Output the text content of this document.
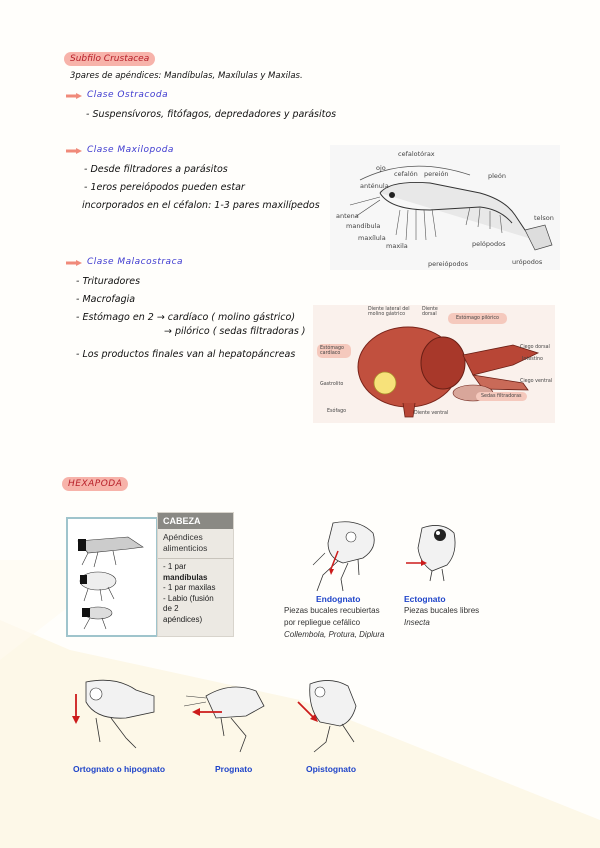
Subfilo Crustacea
3pares de apéndices: Mandíbulas, Maxílulas y Maxilas.
Clase Ostracoda
- Suspensívoros, fitófagos, depredadores y parásitos
Clase Maxilopoda
- Desde filtradores a parásitos
- 1eros pereiópodos pueden estar
incorporados en el céfalon: 1-3 pares maxilípedos
cefalotórax
ojo
cefalón pereión	pleón
anténula
antena	telson
mandíbula
maxílula
maxila	pelópodos
pereiópodos	urópodos
Clase Malacostraca
- Trituradores
- Macrofagia
- Estómago en 2 → cardíaco ( molino gástrico)
→ pilórico ( sedas filtradoras )
- Los productos finales van al hepatopáncreas
Diente lateral del molino gástrico
Diente dorsal
Estómago pilórico
Estómago cardíaco
Ciego dorsal
Intestino
Gastrolito
Sedas filtradoras
Ciego ventral
Esófago	Diente ventral
HEXAPODA
CABEZA
Apéndices alimenticios
- 1 par
mandíbulas
- 1 par maxilas
- Labio (fusión
de 2
apéndices)
Endognato
Piezas bucales recubiertas
por repliegue cefálico
Collembola, Protura, Diplura
Ectognato
Piezas bucales libres
Insecta
Ortognato o hipognato	Prognato	Opistognato
